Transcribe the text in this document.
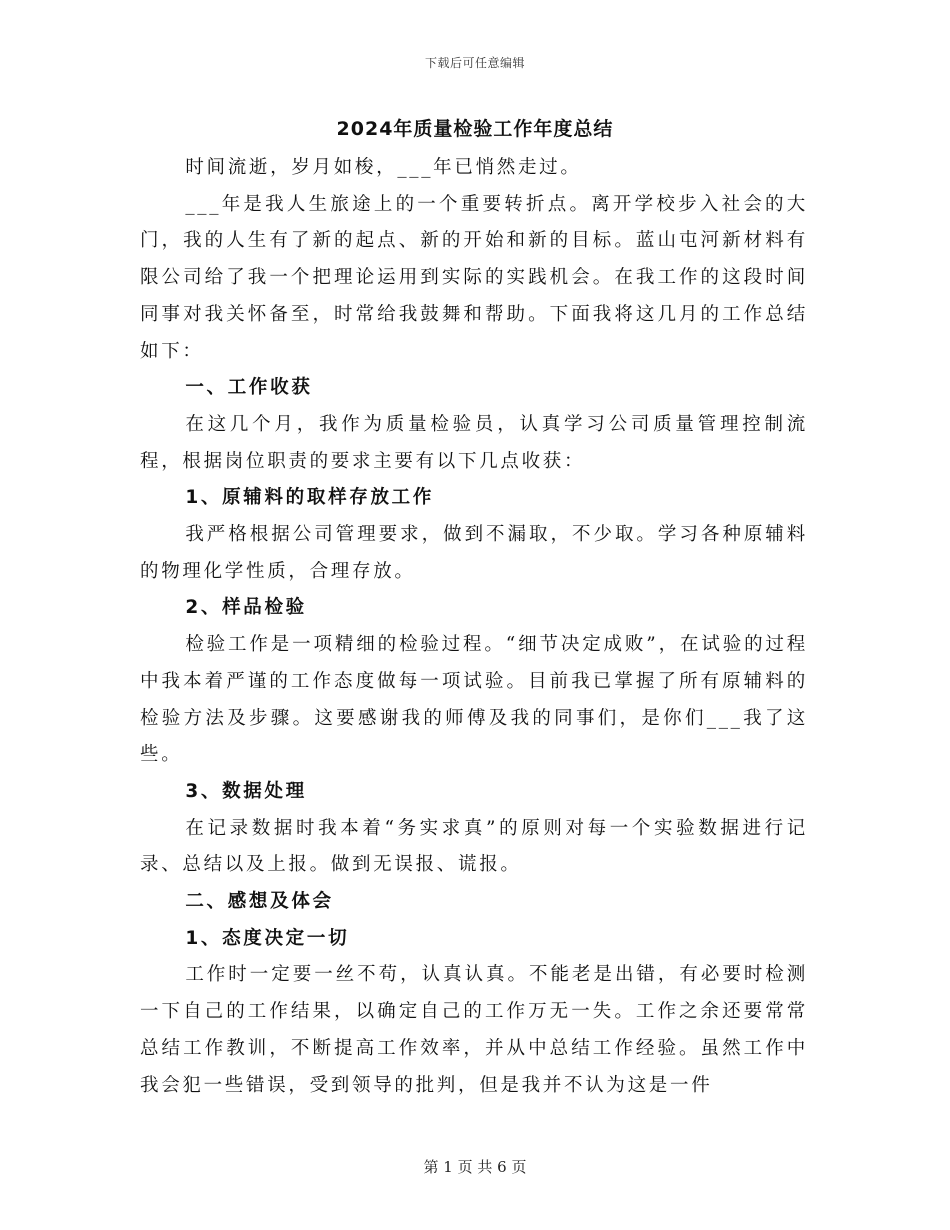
下载后可任意编辑
2024年质量检验工作年度总结

时间流逝，岁月如梭，___年已悄然走过。

___年是我人生旅途上的一个重要转折点。离开学校步入社会的大门，我的人生有了新的起点、新的开始和新的目标。蓝山屯河新材料有限公司给了我一个把理论运用到实际的实践机会。在我工作的这段时间同事对我关怀备至，时常给我鼓舞和帮助。下面我将这几月的工作总结如下：

一、工作收获

在这几个月，我作为质量检验员，认真学习公司质量管理控制流程，根据岗位职责的要求主要有以下几点收获：

1、原辅料的取样存放工作

我严格根据公司管理要求，做到不漏取，不少取。学习各种原辅料的物理化学性质，合理存放。

2、样品检验

检验工作是一项精细的检验过程。“细节决定成败”，在试验的过程中我本着严谨的工作态度做每一项试验。目前我已掌握了所有原辅料的检验方法及步骤。这要感谢我的师傅及我的同事们，是你们___我了这些。

3、数据处理

在记录数据时我本着“务实求真”的原则对每一个实验数据进行记录、总结以及上报。做到无误报、谎报。

二、感想及体会
1、态度决定一切

工作时一定要一丝不苟，认真认真。不能老是出错，有必要时检测一下自己的工作结果，以确定自己的工作万无一失。工作之余还要常常总结工作教训，不断提高工作效率，并从中总结工作经验。虽然工作中我会犯一些错误，受到领导的批判，但是我并不认为这是一件

第 1 页 共 6 页
